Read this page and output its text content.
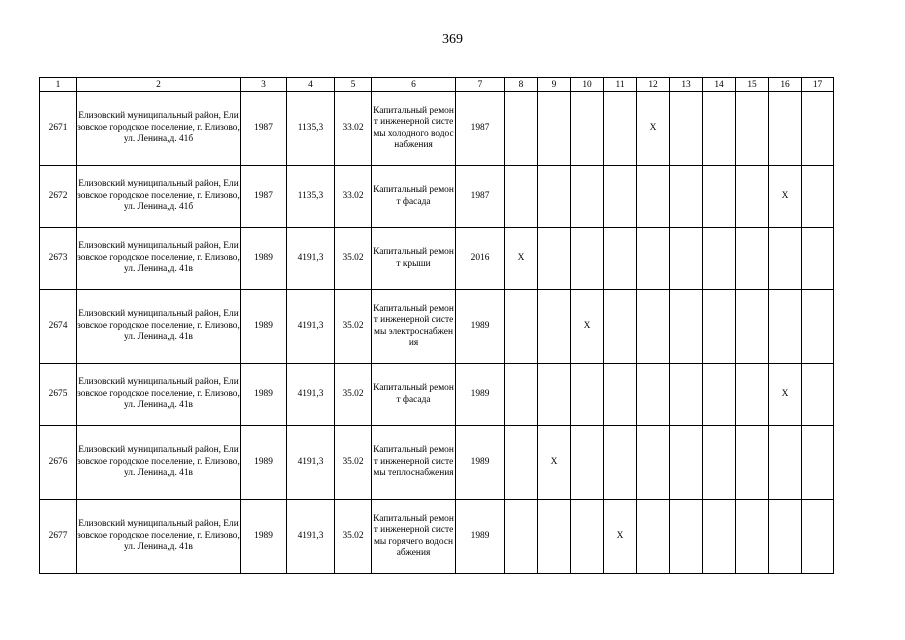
369
1	2	3	4	5	6	7	8	9	10	11	12	13	14	15	16	17
2671	Елизовский муниципальный район, Елизовское городское поселение, г. Елизово, ул. Ленина,д. 41б	1987	1135,3	33.02	Капитальный ремонт инженерной системы холодного водоснабжения	1987					X					
2672	Елизовский муниципальный район, Елизовское городское поселение, г. Елизово, ул. Ленина,д. 41б	1987	1135,3	33.02	Капитальный ремонт фасада	1987									X	
2673	Елизовский муниципальный район, Елизовское городское поселение, г. Елизово, ул. Ленина,д. 41в	1989	4191,3	35.02	Капитальный ремонт крыши	2016	X									
2674	Елизовский муниципальный район, Елизовское городское поселение, г. Елизово, ул. Ленина,д. 41в	1989	4191,3	35.02	Капитальный ремонт инженерной системы электроснабжения	1989			X							
2675	Елизовский муниципальный район, Елизовское городское поселение, г. Елизово, ул. Ленина,д. 41в	1989	4191,3	35.02	Капитальный ремонт фасада	1989									X	
2676	Елизовский муниципальный район, Елизовское городское поселение, г. Елизово, ул. Ленина,д. 41в	1989	4191,3	35.02	Капитальный ремонт инженерной системы теплоснабжения	1989		X								
2677	Елизовский муниципальный район, Елизовское городское поселение, г. Елизово, ул. Ленина,д. 41в	1989	4191,3	35.02	Капитальный ремонт инженерной системы горячего водоснабжения	1989				X						
